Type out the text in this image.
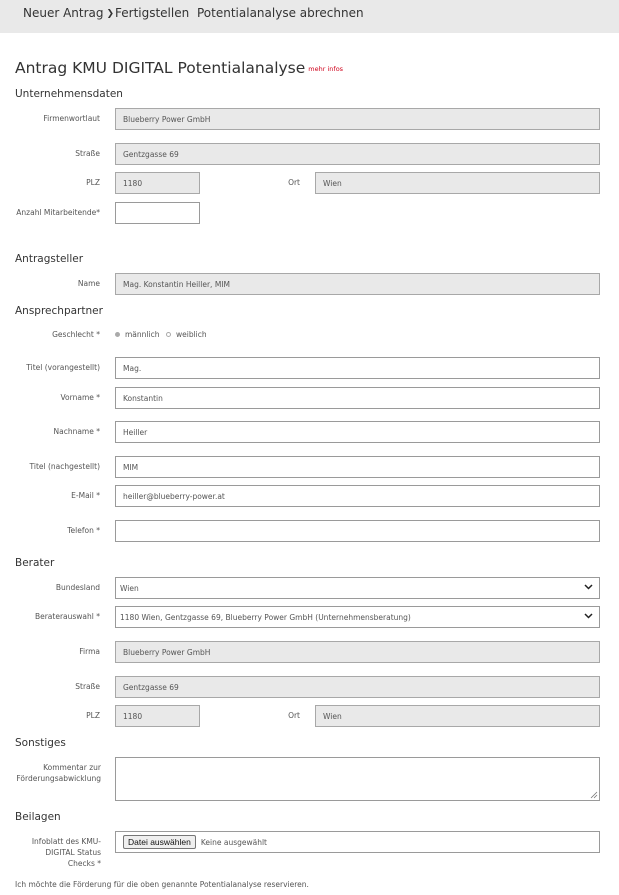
Neuer Antrag ❯ Fertigstellen Potentialanalyse abrechnen
Antrag KMU DIGITAL Potentialanalyse mehr infos
Unternehmensdaten
Firmenwortlaut	Blueberry Power GmbH
Straße	Gentzgasse 69
PLZ	1180	Ort	Wien
Anzahl Mitarbeitende*
Antragsteller
Name	Mag. Konstantin Heiller, MIM
Ansprechpartner
Geschlecht *	männlich weiblich
Titel (vorangestellt)	Mag.
Vorname *	Konstantin
Nachname *	Heiller
Titel (nachgestellt)	MIM
E-Mail *	heiller@blueberry-power.at
Telefon *
Berater
Bundesland	Wien
Beraterauswahl *	1180 Wien, Gentzgasse 69, Blueberry Power GmbH (Unternehmensberatung)
Firma	Blueberry Power GmbH
Straße	Gentzgasse 69
PLZ	1180	Ort	Wien
Sonstiges
Kommentar zur
Förderungsabwicklung
Beilagen
Infoblatt des KMU-
DIGITAL Status
Checks *
Datei auswählen	Keine ausgewählt
Ich möchte die Förderung für die oben genannte Potentialanalyse reservieren.
